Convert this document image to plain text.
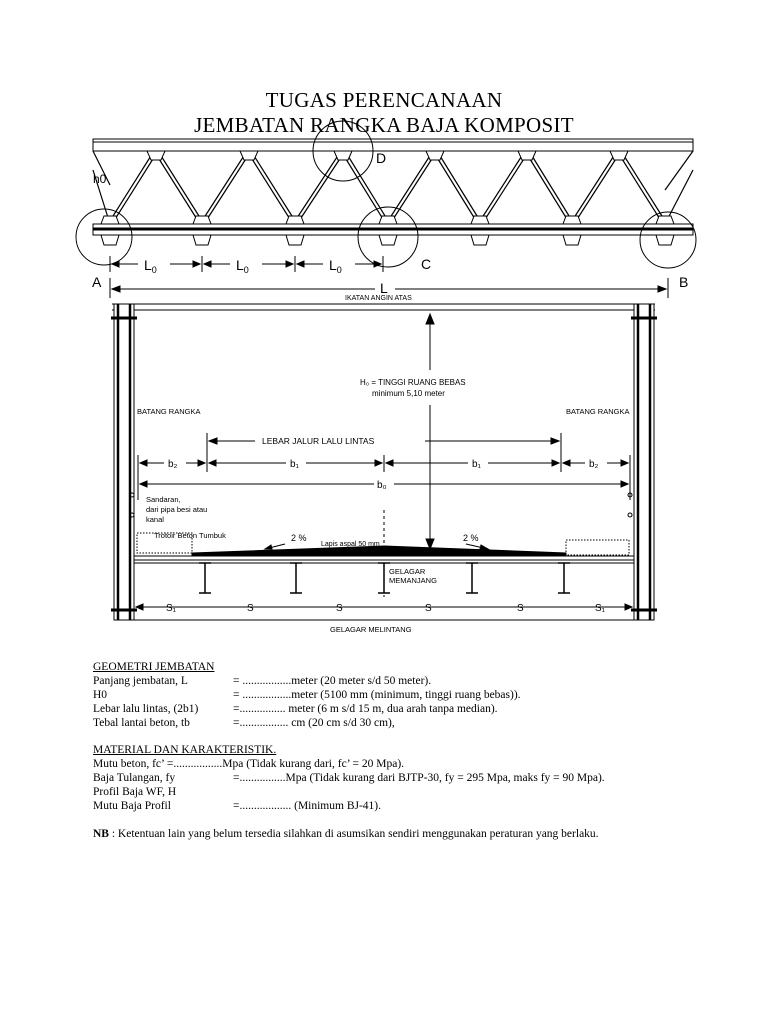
TUGAS PERENCANAAN
JEMBATAN RANGKA BAJA KOMPOSIT
h0
D
C
A	B
$L_0$	$L_0$	$L_0$
L
IKATAN ANGIN ATAS
H₀ = TINGGI RUANG BEBAS
minimum 5,10 meter
BATANG RANGKA	BATANG RANGKA
LEBAR JALUR LALU LINTAS
b₂	b₁	b₁	b₂
b₀
Sandaran,
dari pipa besi atau
kanal
Trotoir Beton Tumbuk	2 %
Lapis aspal 50 mm
2 %
GELAGAR
MEMANJANG
S₁	S	S	S	S	S₁
GELAGAR MELINTANG
GEOMETRI JEMBATAN
Panjang jembatan, L	= .................meter (20 meter s/d 50 meter).
H0	= .................meter (5100 mm (minimum, tinggi ruang bebas)).
Lebar lalu lintas, (2b1)	=................ meter (6 m s/d 15 m, dua arah tanpa median).
Tebal lantai beton, tb	=................. cm (20 cm s/d 30 cm),
MATERIAL DAN KARAKTERISTIK.
Mutu beton, fc’ =.................Mpa (Tidak kurang dari, fc’ = 20 Mpa).
Baja Tulangan, fy	=................Mpa (Tidak kurang dari BJTP-30, fy = 295 Mpa, maks fy = 90 Mpa).
Profil Baja WF, H
Mutu Baja Profil	=.................. (Minimum BJ-41).
NB : Ketentuan lain yang belum tersedia silahkan di asumsikan sendiri menggunakan peraturan yang berlaku.
